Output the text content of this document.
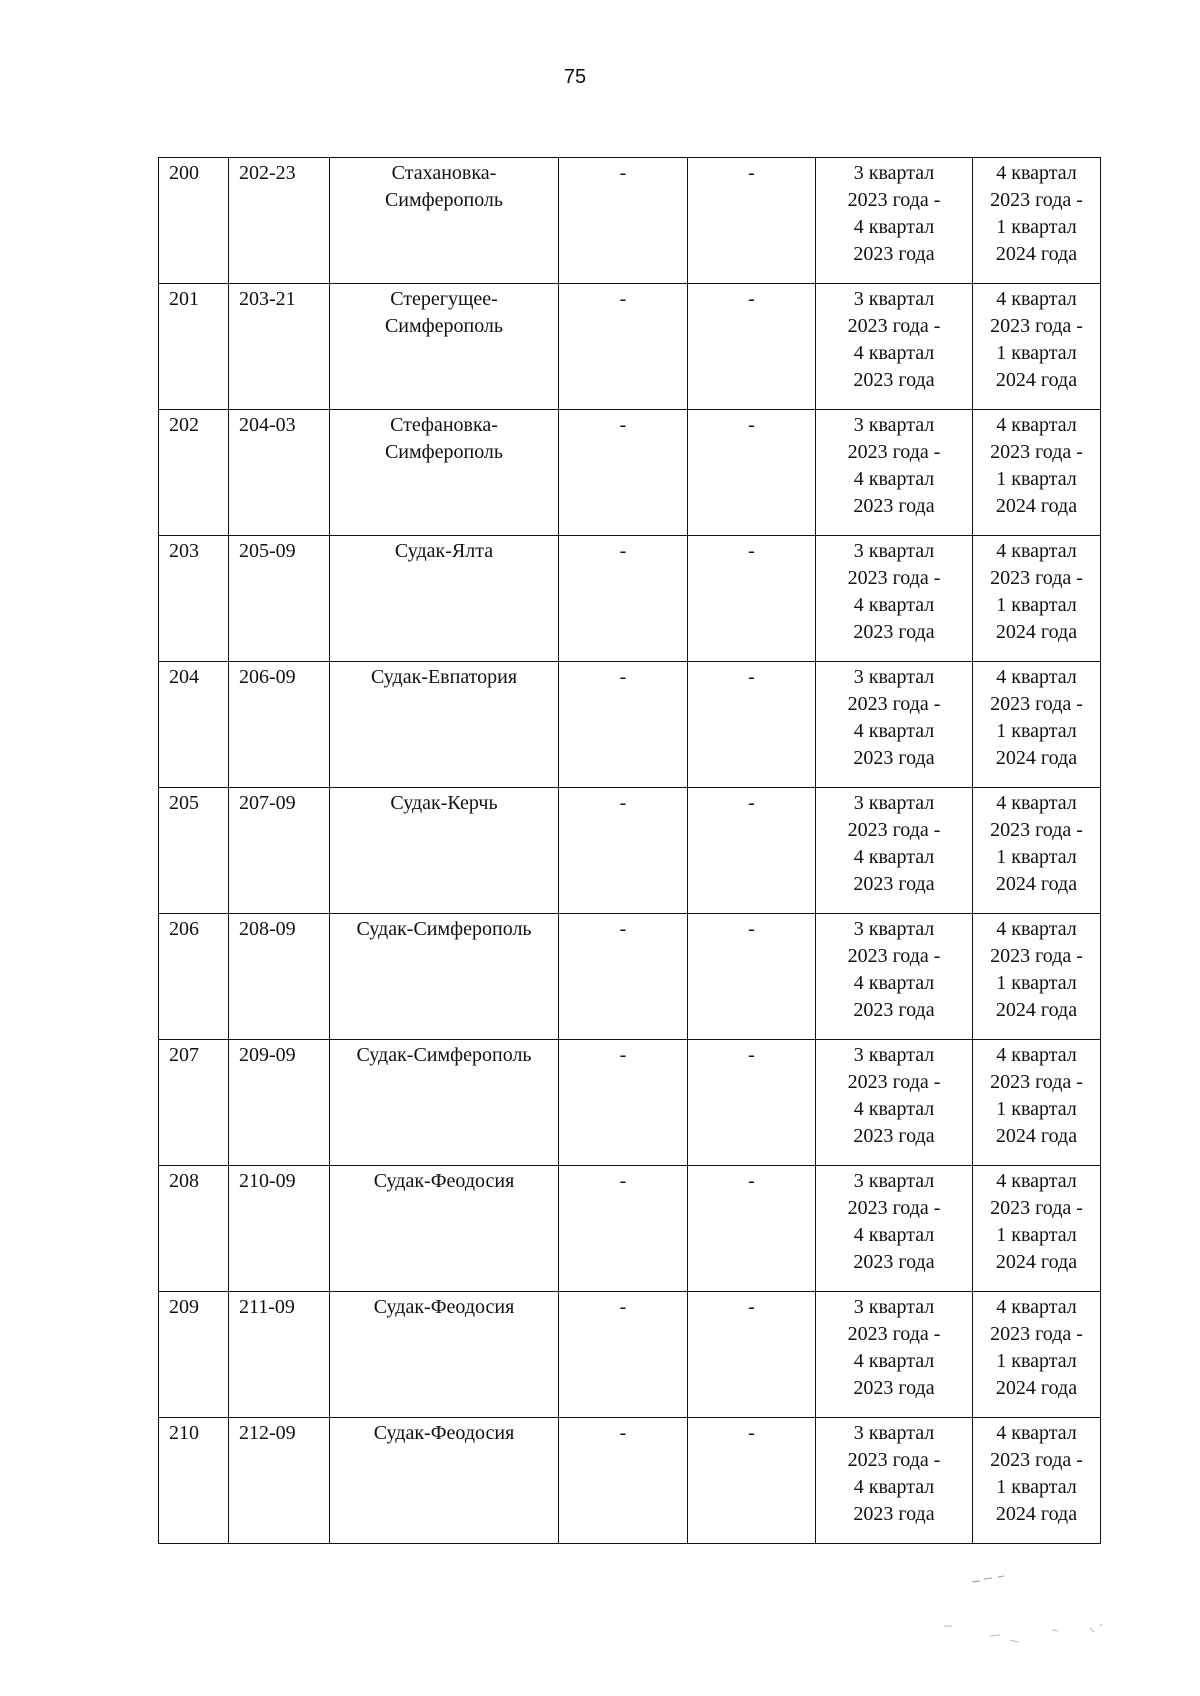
75
200	202-23	Стахановка-
Симферополь	-	-	3 квартал
2023 года -
4 квартал
2023 года	4 квартал
2023 года -
1 квартал
2024 года

201	203-21	Стерегущее-
Симферополь	-	-	3 квартал
2023 года -
4 квартал
2023 года	4 квартал
2023 года -
1 квартал
2024 года

202	204-03	Стефановка-
Симферополь	-	-	3 квартал
2023 года -
4 квартал
2023 года	4 квартал
2023 года -
1 квартал
2024 года

203	205-09	Судак-Ялта	-	-	3 квартал
2023 года -
4 квартал
2023 года	4 квартал
2023 года -
1 квартал
2024 года

204	206-09	Судак-Евпатория	-	-	3 квартал
2023 года -
4 квартал
2023 года	4 квартал
2023 года -
1 квартал
2024 года

205	207-09	Судак-Керчь	-	-	3 квартал
2023 года -
4 квартал
2023 года	4 квартал
2023 года -
1 квартал
2024 года

206	208-09	Судак-Симферополь	-	-	3 квартал
2023 года -
4 квартал
2023 года	4 квартал
2023 года -
1 квартал
2024 года

207	209-09	Судак-Симферополь	-	-	3 квартал
2023 года -
4 квартал
2023 года	4 квартал
2023 года -
1 квартал
2024 года

208	210-09	Судак-Феодосия	-	-	3 квартал
2023 года -
4 квартал
2023 года	4 квартал
2023 года -
1 квартал
2024 года

209	211-09	Судак-Феодосия	-	-	3 квартал
2023 года -
4 квартал
2023 года	4 квартал
2023 года -
1 квартал
2024 года

210	212-09	Судак-Феодосия	-	-	3 квартал
2023 года -
4 квартал
2023 года	4 квартал
2023 года -
1 квартал
2024 года
